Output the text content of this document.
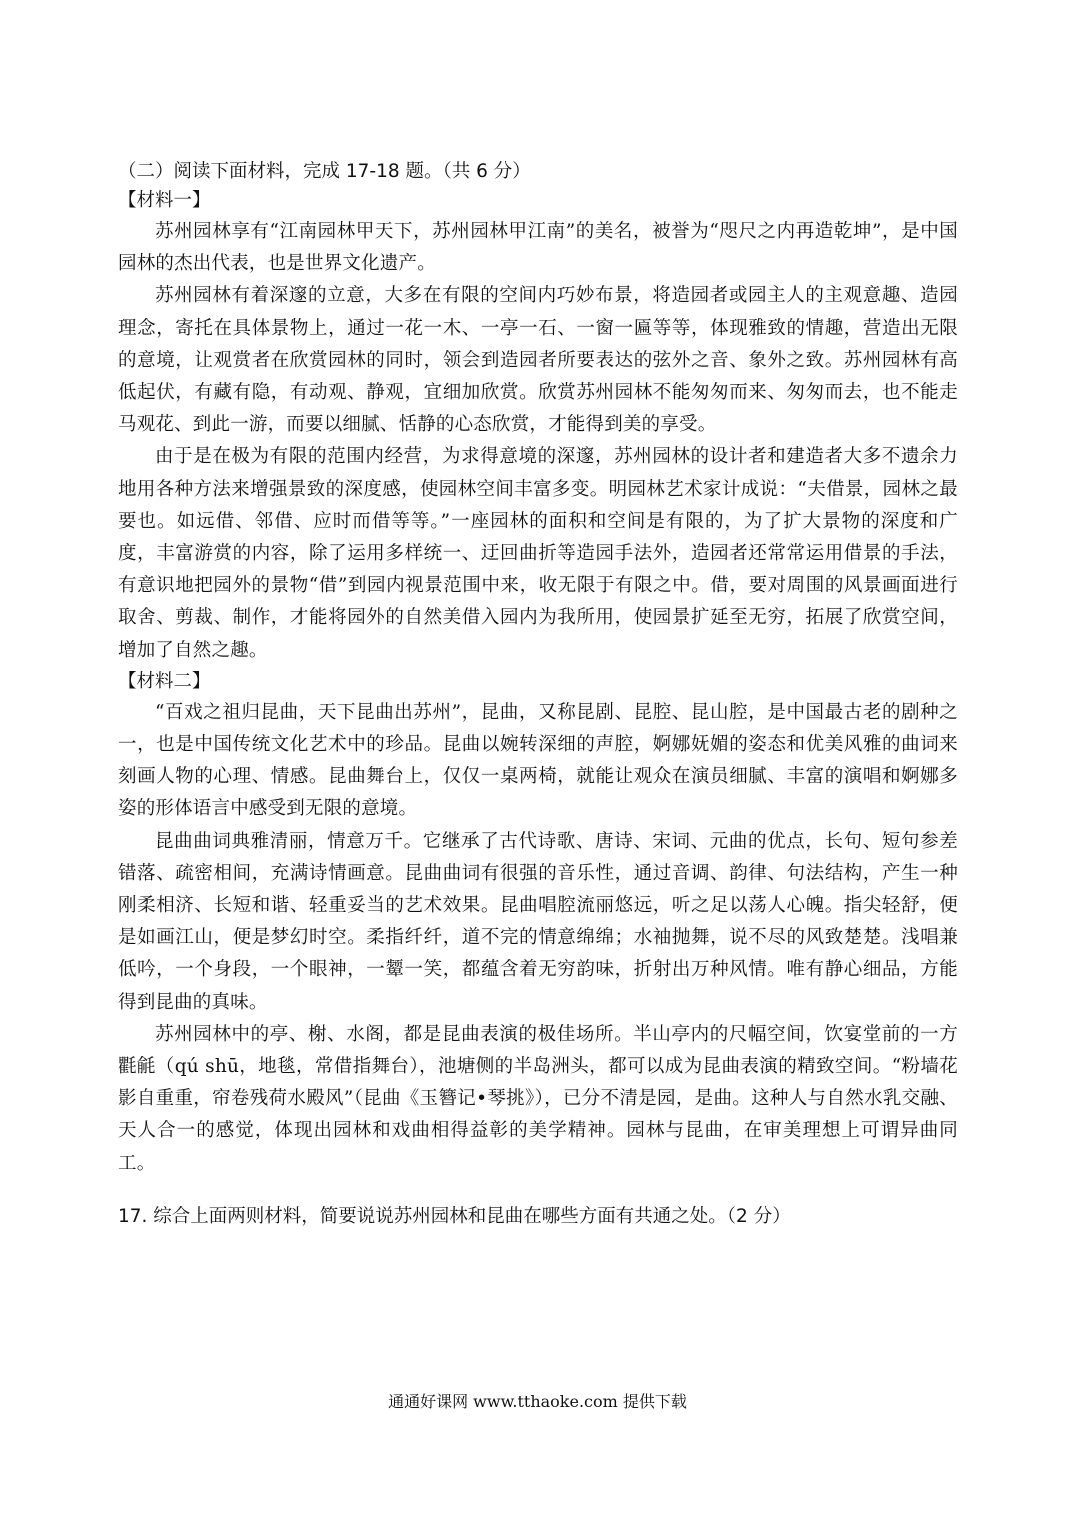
（二）阅读下面材料，完成 17-18 题。（共 6 分）

【材料一】

苏州园林享有“江南园林甲天下，苏州园林甲江南”的美名，被誉为“咫尺之内再造乾坤”，是中国园林的杰出代表，也是世界文化遗产。

苏州园林有着深邃的立意，大多在有限的空间内巧妙布景，将造园者或园主人的主观意趣、造园理念，寄托在具体景物上，通过一花一木、一亭一石、一窗一匾等等，体现雅致的情趣，营造出无限的意境，让观赏者在欣赏园林的同时，领会到造园者所要表达的弦外之音、象外之致。苏州园林有高低起伏，有藏有隐，有动观、静观，宜细加欣赏。欣赏苏州园林不能匆匆而来、匆匆而去，也不能走马观花、到此一游，而要以细腻、恬静的心态欣赏，才能得到美的享受。

由于是在极为有限的范围内经营，为求得意境的深邃，苏州园林的设计者和建造者大多不遗余力地用各种方法来增强景致的深度感，使园林空间丰富多变。明园林艺术家计成说：“夫借景，园林之最要也。如远借、邻借、应时而借等等。”一座园林的面积和空间是有限的，为了扩大景物的深度和广度，丰富游赏的内容，除了运用多样统一、迂回曲折等造园手法外，造园者还常常运用借景的手法，有意识地把园外的景物“借”到园内视景范围中来，收无限于有限之中。借，要对周围的风景画面进行取舍、剪裁、制作，才能将园外的自然美借入园内为我所用，使园景扩延至无穷，拓展了欣赏空间，增加了自然之趣。

【材料二】

“百戏之祖归昆曲，天下昆曲出苏州”，昆曲，又称昆剧、昆腔、昆山腔，是中国最古老的剧种之一，也是中国传统文化艺术中的珍品。昆曲以婉转深细的声腔，婀娜妩媚的姿态和优美风雅的曲词来刻画人物的心理、情感。昆曲舞台上，仅仅一桌两椅，就能让观众在演员细腻、丰富的演唱和婀娜多姿的形体语言中感受到无限的意境。

昆曲曲词典雅清丽，情意万千。它继承了古代诗歌、唐诗、宋词、元曲的优点，长句、短句参差错落、疏密相间，充满诗情画意。昆曲曲词有很强的音乐性，通过音调、韵律、句法结构，产生一种刚柔相济、长短和谐、轻重妥当的艺术效果。昆曲唱腔流丽悠远，听之足以荡人心魄。指尖轻舒，便是如画江山，便是梦幻时空。柔指纤纤，道不完的情意绵绵；水袖抛舞，说不尽的风致楚楚。浅唱兼低吟，一个身段，一个眼神，一颦一笑，都蕴含着无穷韵味，折射出万种风情。唯有静心细品，方能得到昆曲的真味。

苏州园林中的亭、榭、水阁，都是昆曲表演的极佳场所。半山亭内的尺幅空间，饮宴堂前的一方氍毹（qú shū，地毯，常借指舞台），池塘侧的半岛洲头，都可以成为昆曲表演的精致空间。“粉墙花影自重重，帘卷残荷水殿风”（昆曲《玉簪记•琴挑》），已分不清是园，是曲。这种人与自然水乳交融、天人合一的感觉，体现出园林和戏曲相得益彰的美学精神。园林与昆曲，在审美理想上可谓异曲同工。

17. 综合上面两则材料，简要说说苏州园林和昆曲在哪些方面有共通之处。（2 分）

通通好课网 www.tthaoke.com 提供下载
